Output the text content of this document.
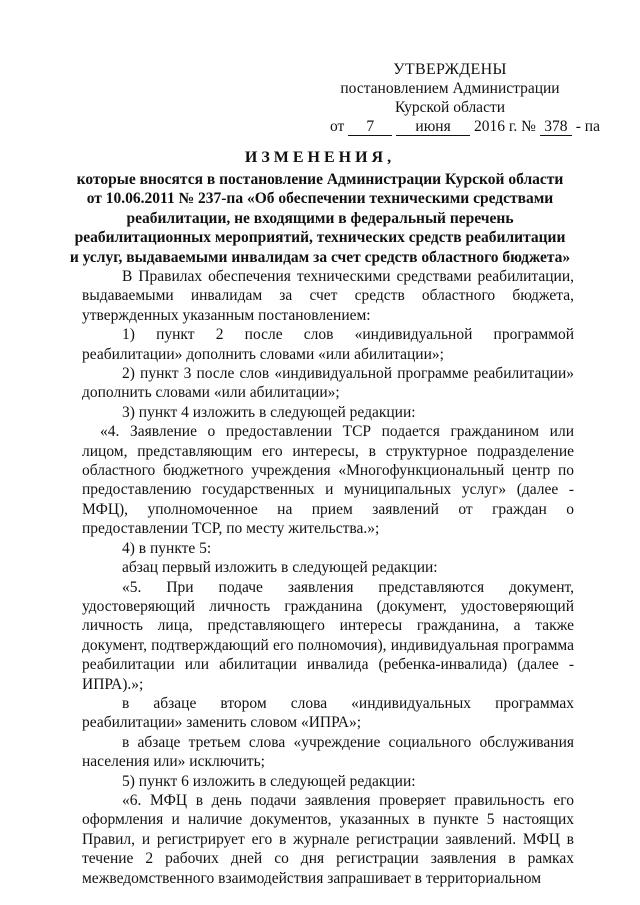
УТВЕРЖДЕНЫ
постановлением Администрации
Курской области
от 7	июня 2016 г. № 378 - па
ИЗМЕНЕНИЯ,
которые вносятся в постановление Администрации Курской области
от 10.06.2011 № 237-па «Об обеспечении техническими средствами
реабилитации, не входящими в федеральный перечень
реабилитационных мероприятий, технических средств реабилитации
и услуг, выдаваемыми инвалидам за счет средств областного бюджета»

В Правилах обеспечения техническими средствами реабилитации, выдаваемыми инвалидам за счет средств областного бюджета, утвержденных указанным постановлением:

1) пункт 2 после слов «индивидуальной программой реабилитации» дополнить словами «или абилитации»;

2) пункт 3 после слов «индивидуальной программе реабилитации» дополнить словами «или абилитации»;

3) пункт 4 изложить в следующей редакции:

«4. Заявление о предоставлении ТСР подается гражданином или лицом, представляющим его интересы, в структурное подразделение областного бюджетного учреждения «Многофункциональный центр по предоставлению государственных и муниципальных услуг» (далее - МФЦ), уполномоченное на прием заявлений от граждан о предоставлении ТСР, по месту жительства.»;

4) в пункте 5:

абзац первый изложить в следующей редакции:

«5. При подаче заявления представляются документ, удостоверяющий личность гражданина (документ, удостоверяющий личность лица, представляющего интересы гражданина, а также документ, подтверждающий его полномочия), индивидуальная программа реабилитации или абилитации инвалида (ребенка-инвалида) (далее - ИПРА).»;

в абзаце втором слова «индивидуальных программах реабилитации» заменить словом «ИПРА»;

в абзаце третьем слова «учреждение социального обслуживания населения или» исключить;

5) пункт 6 изложить в следующей редакции:

«6. МФЦ в день подачи заявления проверяет правильность его оформления и наличие документов, указанных в пункте 5 настоящих Правил, и регистрирует его в журнале регистрации заявлений. МФЦ в течение 2 рабочих дней со дня регистрации заявления в рамках межведомственного взаимодействия запрашивает в территориальном
